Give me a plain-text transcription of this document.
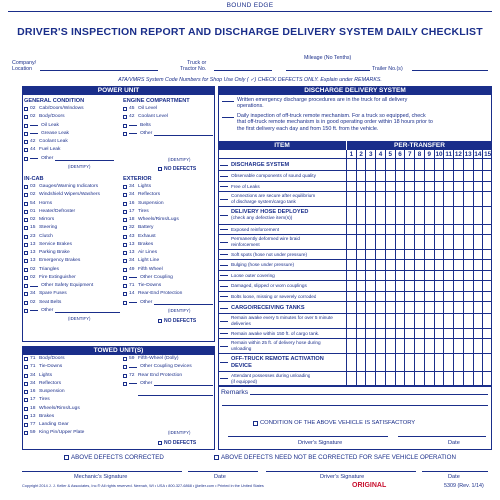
BOUND EDGE
DRIVER'S INSPECTION REPORT AND DISCHARGE DELIVERY SYSTEM DAILY CHECKLIST
Company/
Location
Truck or
Tractor No.
Mileage (No Tenths)
Trailer No.(s)
ATA/VMRS System Code Numbers for Shop Use Only ( ✓) CHECK DEFECTS ONLY. Explain under REMARKS.
POWER UNIT
GENERAL CONDITION
02 Cab/Doors/Windows
02 Body/Doors
Oil Leak
Grease Leak
42 Coolant Leak
44 Fuel Leak
Other
(IDENTIFY)
ENGINE COMPARTMENT
45 Oil Level
42 Coolant Level
Belts
Other
(IDENTIFY)
NO DEFECTS
IN-CAB
03 Gauges/Warning Indicators
02 Windshield Wipers/Washers
54 Horns
01 Heater/Defroster
02 Mirrors
15 Steering
23 Clutch
13 Service Brakes
13 Parking Brake
13 Emergency Brakes
02 Triangles
02 Fire Extinguisher
Other Safety Equipment
34 Spare Fuses
02 Seat Belts
Other
(IDENTIFY)
EXTERIOR
34 Lights
34 Reflectors
16 Suspension
17 Tires
18 Wheels/Rims/Lugs
32 Battery
43 Exhaust
13 Brakes
13 Air Lines
34 Light Line
49 Fifth Wheel
Other Coupling
71 Tie-Downs
14 Rear-End Protection
Other
(IDENTIFY)
NO DEFECTS
TOWED UNIT(S)
71 Body/Doors
71 Tie-Downs
34 Lights
34 Reflectors
16 Suspension
17 Tires
18 Wheels/Rims/Lugs
13 Brakes
77 Landing Gear
59 King Pin/Upper Plate
59 Fifth-Wheel (Dolly)
Other Coupling Devices
72 Rear End Protection
Other
(IDENTIFY)
NO DEFECTS
DISCHARGE DELIVERY SYSTEM
Written emergency discharge procedures are in the truck for all delivery
operations.
Daily inspection of off-truck remote mechanism. For a truck so equipped, check
that off-truck remote mechanism is in good operating order within 18 hours prior to
the first delivery each day and from 150 ft. from the vehicle.
ITEM	PER-TRANSFER
1 2 3 4 5 6 7 8 9 10 11 12 13 14 15
DISCHARGE SYSTEM
Observable components of sound quality
Free of Leaks
Connections are secure after equilibrium
of discharge system/cargo tank
DELIVERY HOSE DEPLOYED
(check any defective item(s))
Exposed reinforcement
Permanently deformed wire braid
reinforcement
Soft spots (hose not under pressure)
Bulging (hose under pressure)
Loose outer covering
Damaged, slipped or worn couplings
Bolts loose, missing or severely corroded
CARGO/RECEIVING TANKS
Remain awake every 5 minutes for over 5 minute
deliveries
Remain awake within 150 ft. of cargo tank.
Remain within 25 ft. of delivery hose during
unloading
OFF-TRUCK REMOTE ACTIVATION
DEVICE
Attendant possesses during unloading
(if equipped)
Remarks
CONDITION OF THE ABOVE VEHICLE IS SATISFACTORY
Driver's Signature	Date
ABOVE DEFECTS CORRECTED	ABOVE DEFECTS NEED NOT BE CORRECTED FOR SAFE VEHICLE OPERATION
Mechanic's Signature	Date	Driver's Signature	Date
Copyright 2014 J. J. Keller & Associates, Inc.® All rights reserved. Neenah, WI • USA • 800-327-6868 • jjkeller.com • Printed in the United States	ORIGINAL	5309 (Rev. 1/14)
